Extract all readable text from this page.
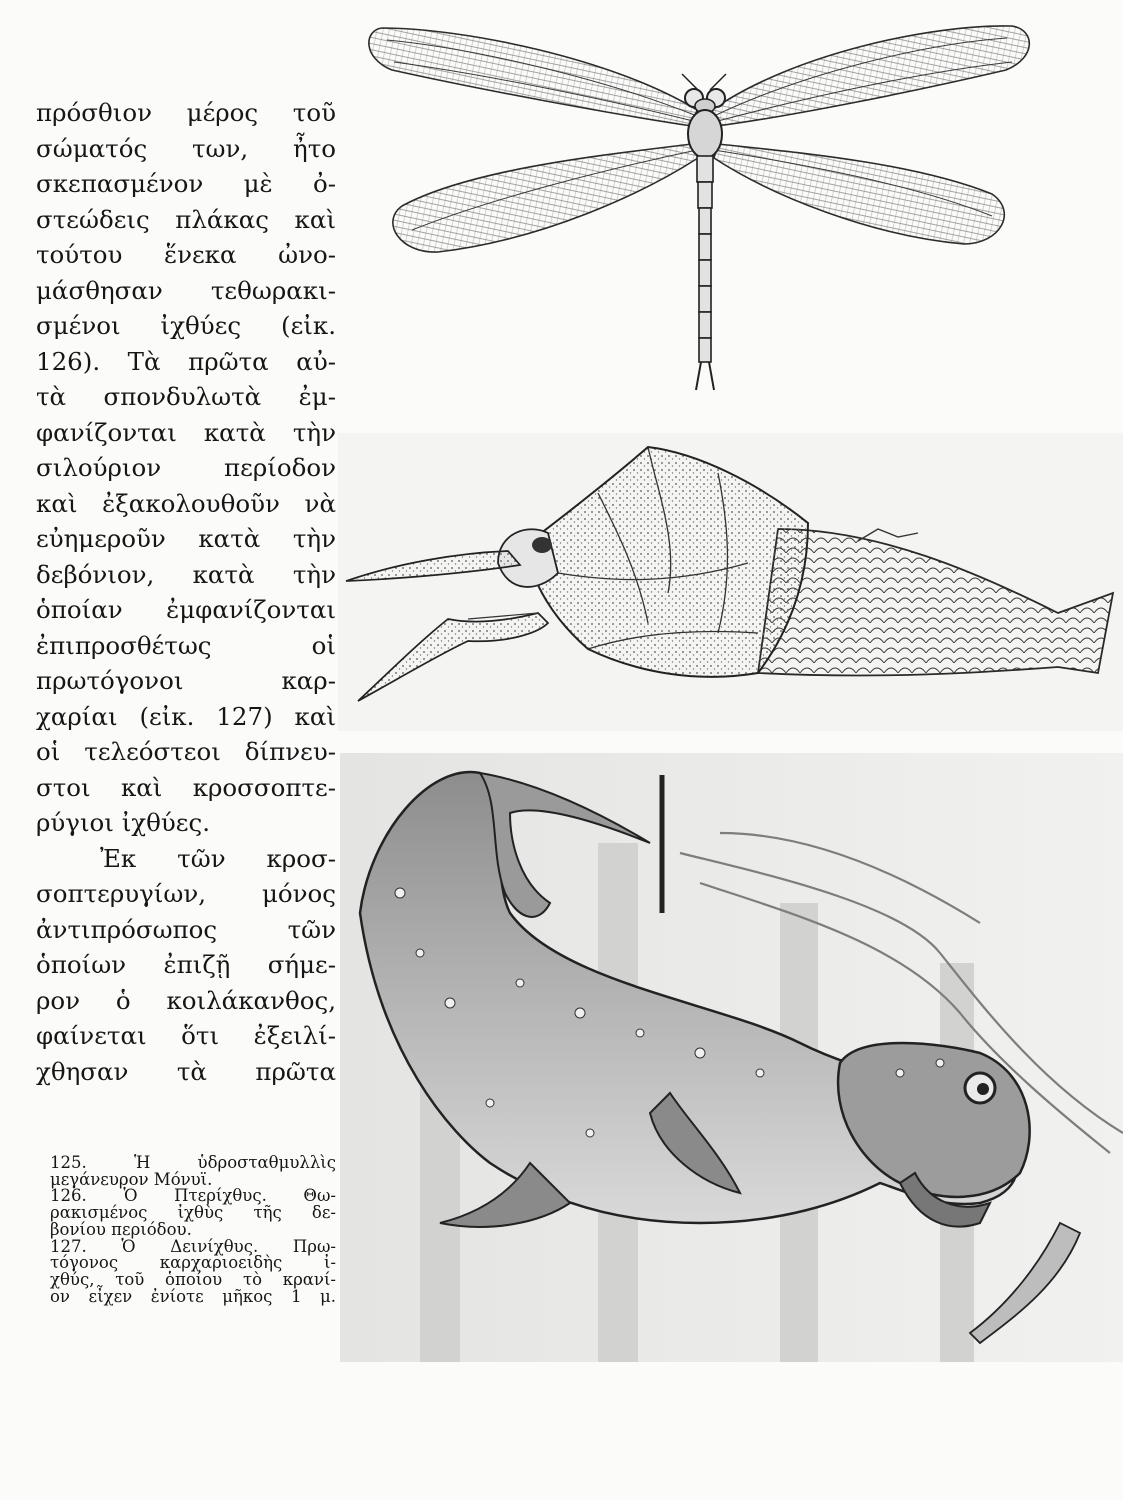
πρόσθιον μέρος τοῦ
σώματός των, ἦτο
σκεπασμένον μὲ ὀ-
στεώδεις πλάκας καὶ
τούτου ἕνεκα ὠνο-
μάσθησαν τεθωρακι-
σμένοι ἰχθύες (εἰκ.
126). Τὰ πρῶτα αὐ-
τὰ σπονδυλωτὰ ἐμ-
φανίζονται κατὰ τὴν
σιλούριον περίοδον
καὶ ἐξακολουθοῦν νὰ
εὐημεροῦν κατὰ τὴν
δεβόνιον, κατὰ τὴν
ὁποίαν ἐμφανίζονται
ἐπιπροσθέτως οἱ
πρωτόγονοι καρ-
χαρίαι (εἰκ. 127) καὶ
οἱ τελεόστεοι δίπνευ-
στοι καὶ κροσσοπτε-
ρύγιοι ἰχθύες.
Ἐκ τῶν κροσ-
σοπτερυγίων, μόνος
ἀντιπρόσωπος τῶν
ὁποίων ἐπιζῇ σήμε-
ρον ὁ κοιλάκανθος,
φαίνεται ὅτι ἐξειλί-
χθησαν τὰ πρῶτα
125. Ἡ ὑδροσταθμυλλὶς
μεγάνευρον Μόνυϊ.
126. Ὁ Πτερίχθυς. Θω-
ρακισμένος ἰχθὺς τῆς δε-
βονίου περιόδου.
127. Ὁ Δεινίχθυς. Πρω-
τόγονος καρχαριοειδὴς ἰ-
χθύς, τοῦ ὁποίου τὸ κρανί-
ον εἶχεν ἐνίοτε μῆκος 1 μ.
